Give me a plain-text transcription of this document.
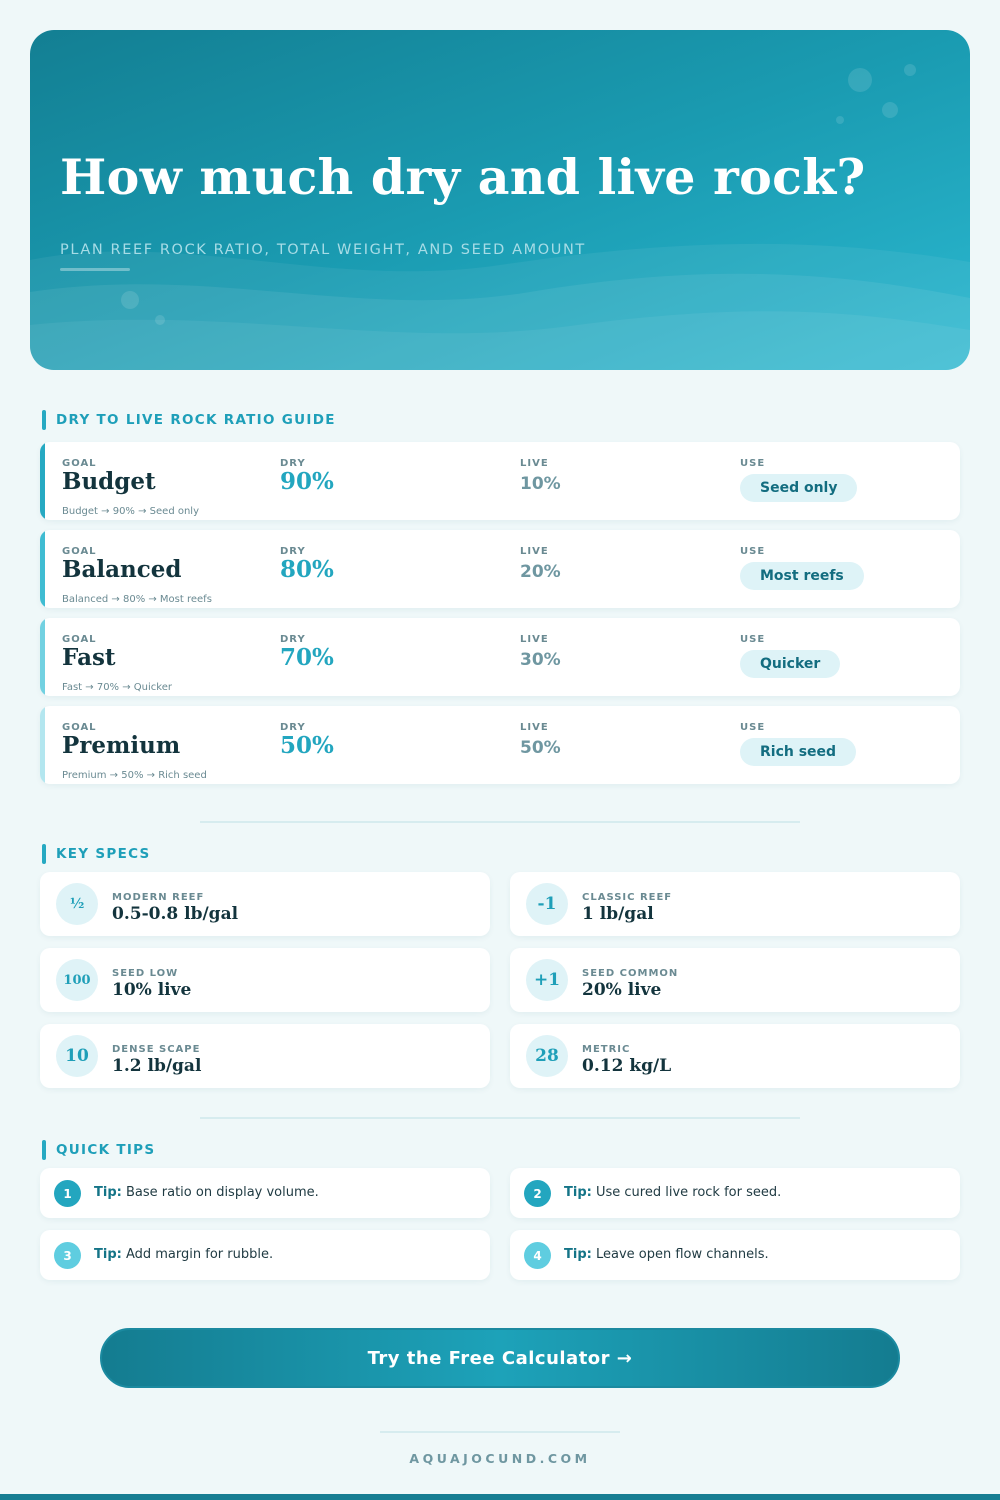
How much dry and live rock?
PLAN REEF ROCK RATIO, TOTAL WEIGHT, AND SEED AMOUNT
DRY TO LIVE ROCK RATIO GUIDE
GOAL
Budget
Budget → 90% → Seed only
DRY
90%
LIVE
10%
USE
Seed only
GOAL
Balanced
Balanced → 80% → Most reefs
DRY
80%
LIVE
20%
USE
Most reefs
GOAL
Fast
Fast → 70% → Quicker
DRY
70%
LIVE
30%
USE
Quicker
GOAL
Premium
Premium → 50% → Rich seed
DRY
50%
LIVE
50%
USE
Rich seed
KEY SPECS
½	MODERN REEF
0.5-0.8 lb/gal	-1	CLASSIC REEF
1 lb/gal
100	SEED LOW
10% live	+1	SEED COMMON
20% live
10	DENSE SCAPE
1.2 lb/gal	28	METRIC
0.12 kg/L
QUICK TIPS
1	Tip: Base ratio on display volume.	2	Tip: Use cured live rock for seed.
3	Tip: Add margin for rubble.	4	Tip: Leave open flow channels.
Try the Free Calculator →
AQUAJOCUND.COM
